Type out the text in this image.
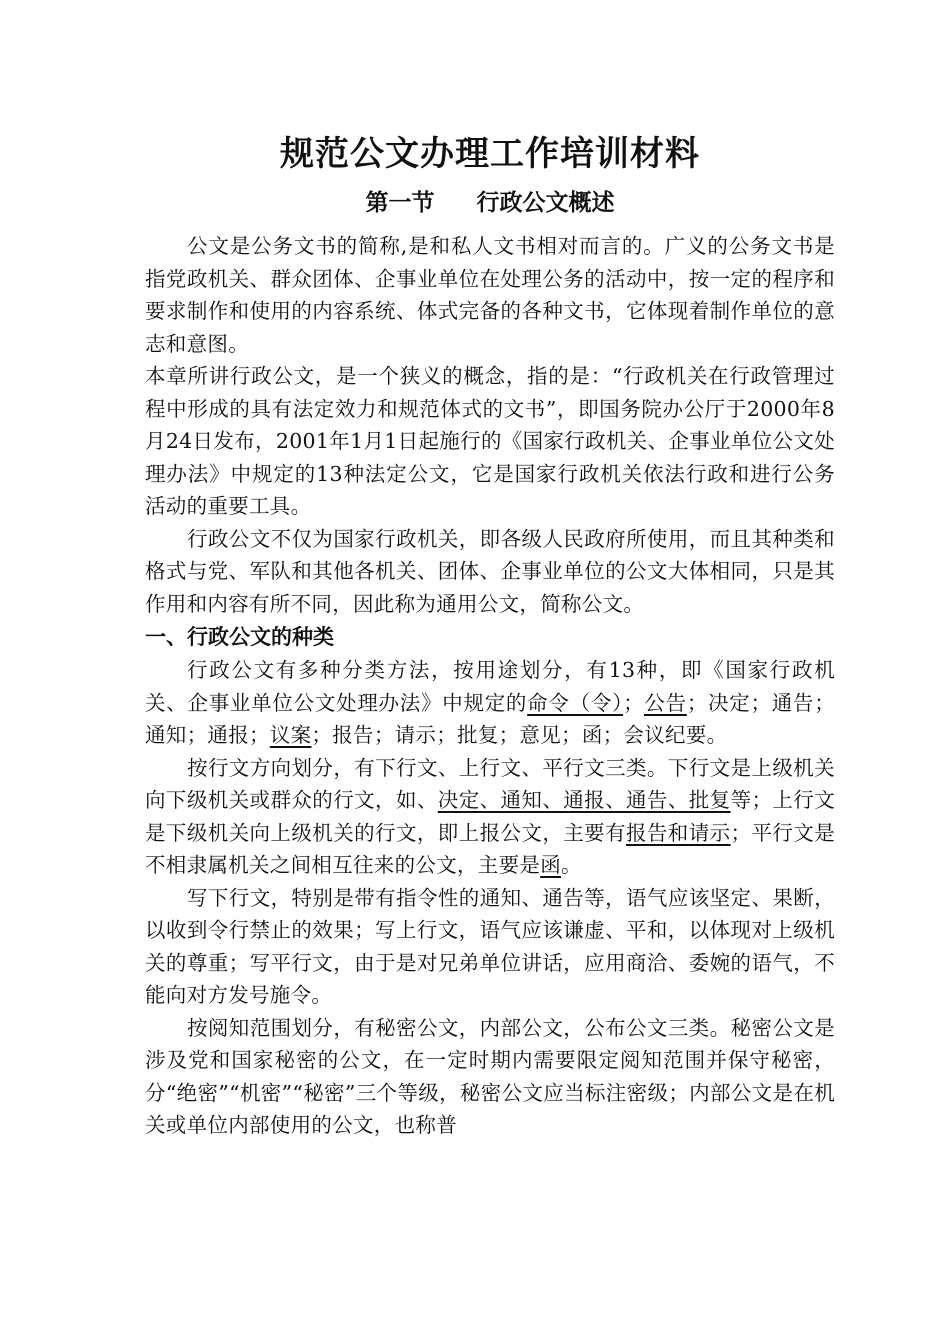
规范公文办理工作培训材料
第一节 行政公文概述

公文是公务文书的简称,是和私人文书相对而言的。广义的公务文书是指党政机关、群众团体、企事业单位在处理公务的活动中，按一定的程序和要求制作和使用的内容系统、体式完备的各种文书，它体现着制作单位的意志和意图。

本章所讲行政公文，是一个狭义的概念，指的是：“行政机关在行政管理过程中形成的具有法定效力和规范体式的文书”，即国务院办公厅于2000年8月24日发布，2001年1月1日起施行的《国家行政机关、企事业单位公文处理办法》中规定的13种法定公文，它是国家行政机关依法行政和进行公务活动的重要工具。

行政公文不仅为国家行政机关，即各级人民政府所使用，而且其种类和格式与党、军队和其他各机关、团体、企事业单位的公文大体相同，只是其作用和内容有所不同，因此称为通用公文，简称公文。

一、行政公文的种类

行政公文有多种分类方法，按用途划分，有13种，即《国家行政机关、企事业单位公文处理办法》中规定的命令（令）；公告；决定；通告；通知；通报；议案；报告；请示；批复；意见；函；会议纪要。

按行文方向划分，有下行文、上行文、平行文三类。下行文是上级机关向下级机关或群众的行文，如、决定、通知、通报、通告、批复等；上行文是下级机关向上级机关的行文，即上报公文，主要有报告和请示；平行文是不相隶属机关之间相互往来的公文，主要是函。

写下行文，特别是带有指令性的通知、通告等，语气应该坚定、果断，以收到令行禁止的效果；写上行文，语气应该谦虚、平和，以体现对上级机关的尊重；写平行文，由于是对兄弟单位讲话，应用商洽、委婉的语气，不能向对方发号施令。

按阅知范围划分，有秘密公文，内部公文，公布公文三类。秘密公文是涉及党和国家秘密的公文，在一定时期内需要限定阅知范围并保守秘密，分“绝密”“机密”“秘密”三个等级，秘密公文应当标注密级；内部公文是在机关或单位内部使用的公文，也称普
